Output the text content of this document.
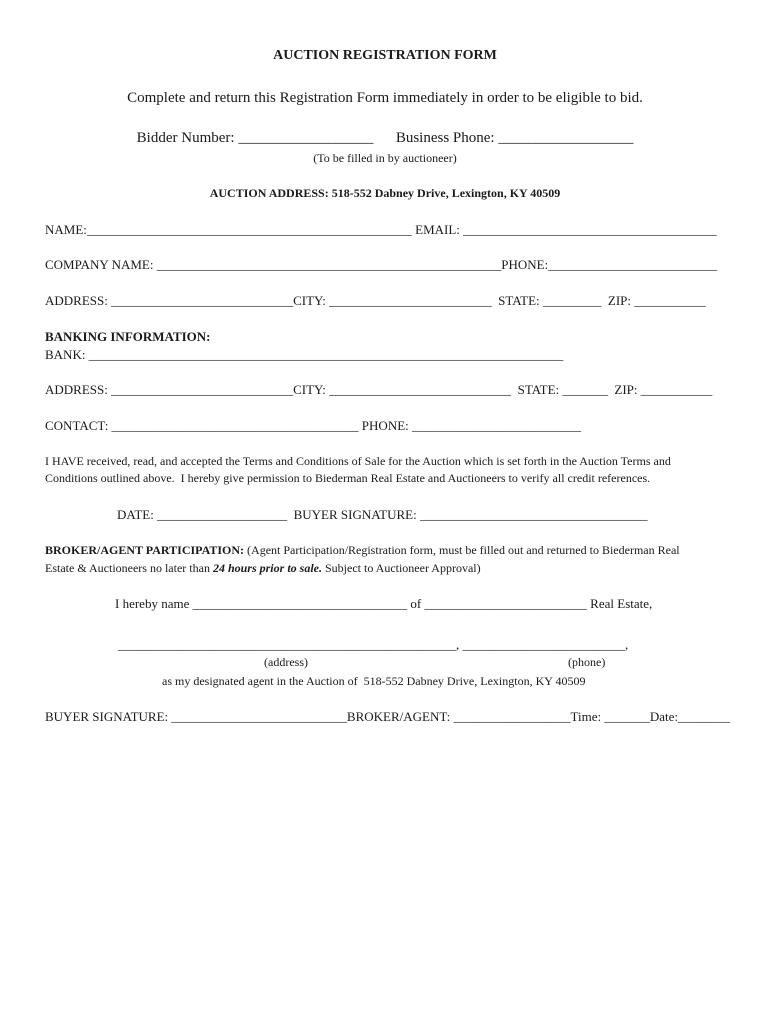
AUCTION REGISTRATION FORM
Complete and return this Registration Form immediately in order to be eligible to bid.
Bidder Number: __________________      Business Phone: __________________
(To be filled in by auctioneer)
AUCTION ADDRESS: 518-552 Dabney Drive, Lexington, KY 40509
NAME:__________________________________________________ EMAIL: _______________________________________
COMPANY NAME: _____________________________________________________PHONE:__________________________
ADDRESS: ____________________________CITY: _________________________  STATE: _________  ZIP: ___________
BANKING INFORMATION:
BANK: _________________________________________________________________________
ADDRESS: ____________________________CITY: ____________________________  STATE: _______  ZIP: ___________
CONTACT: ______________________________________ PHONE: __________________________
I HAVE received, read, and accepted the Terms and Conditions of Sale for the Auction which is set forth in the Auction Terms and
Conditions outlined above.  I hereby give permission to Biederman Real Estate and Auctioneers to verify all credit references.
DATE: ____________________  BUYER SIGNATURE: ___________________________________
BROKER/AGENT PARTICIPATION: (Agent Participation/Registration form, must be filled out and returned to Biederman Real
Estate & Auctioneers no later than 24 hours prior to sale. Subject to Auctioneer Approval)
I hereby name _________________________________ of _________________________ Real Estate,
____________________________________________________, _________________________,
(address)	(phone)
as my designated agent in the Auction of  518-552 Dabney Drive, Lexington, KY 40509
BUYER SIGNATURE: ___________________________BROKER/AGENT: __________________Time: _______Date:________
